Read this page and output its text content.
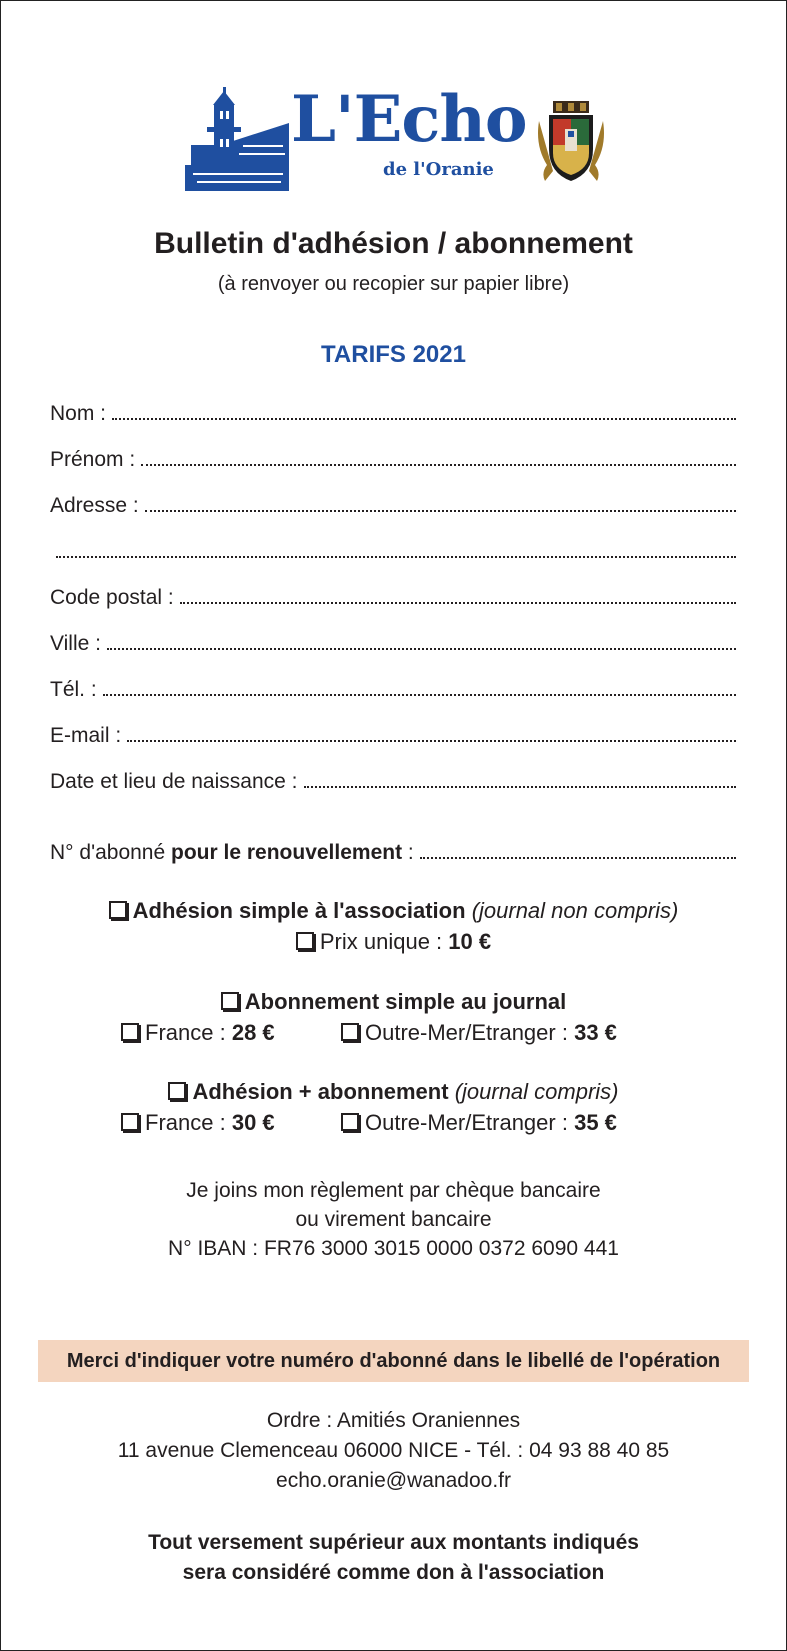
L'Echo
de l'Oranie
Bulletin d'adhésion / abonnement
(à renvoyer ou recopier sur papier libre)
TARIFS 2021
Nom :
Prénom :
Adresse :
Code postal :
Ville :
Tél. :
E-mail :
Date et lieu de naissance :
N° d'abonné pour le renouvellement :
Adhésion simple à l'association (journal non compris)
Prix unique : 10 €
Abonnement simple au journal
France : 28 €	Outre-Mer/Etranger : 33 €
Adhésion + abonnement (journal compris)
France : 30 €	Outre-Mer/Etranger : 35 €
Je joins mon règlement par chèque bancaire
ou virement bancaire
N° IBAN : FR76 3000 3015 0000 0372 6090 441
Merci d'indiquer votre numéro d'abonné dans le libellé de l'opération
Ordre : Amitiés Oraniennes
11 avenue Clemenceau 06000 NICE - Tél. : 04 93 88 40 85
echo.oranie@wanadoo.fr
Tout versement supérieur aux montants indiqués
sera considéré comme don à l'association
